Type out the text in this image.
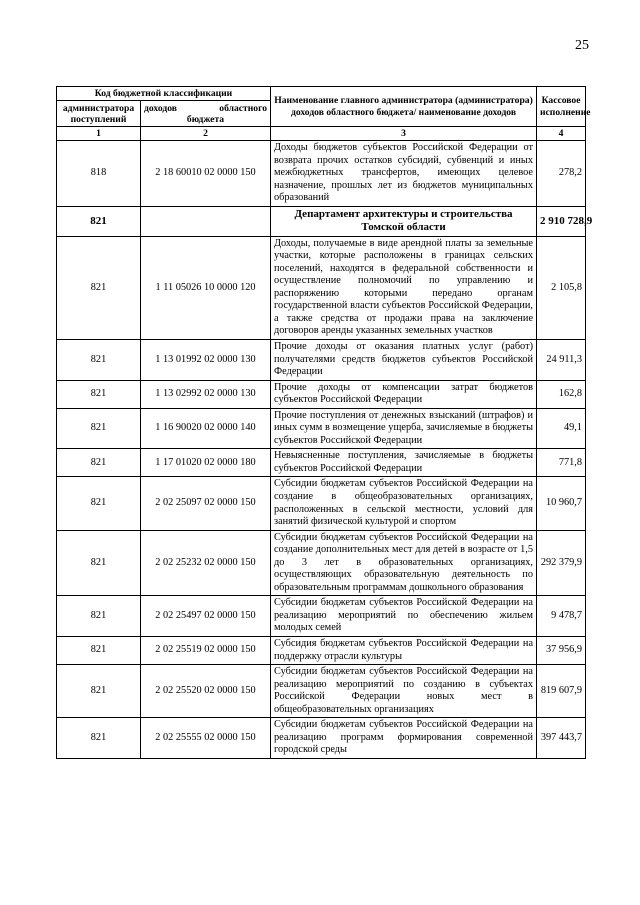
25
Код бюджетной классификации		Наименование главного администратора (администратора) доходов областного бюджета/ наименование доходов	Кассовое исполнение
администратора поступлений	доходов областного
бюджета		

1	2	3	4
818	2 18 60010 02 0000 150	Доходы бюджетов субъектов Российской Федерации от возврата прочих остатков субсидий, субвенций и иных межбюджетных трансфертов, имеющих целевое назначение, прошлых лет из бюджетов муниципальных образований	278,2
821		Департамент архитектуры и строительства Томской области	2 910 728,9
821	1 11 05026 10 0000 120	Доходы, получаемые в виде арендной платы за земельные участки, которые расположены в границах сельских поселений, находятся в федеральной собственности и осуществление полномочий по управлению и распоряжению которыми передано органам государственной власти субъектов Российской Федерации, а также средства от продажи права на заключение договоров аренды указанных земельных участков	2 105,8
821	1 13 01992 02 0000 130	Прочие доходы от оказания платных услуг (работ) получателями средств бюджетов субъектов Российской Федерации	24 911,3
821	1 13 02992 02 0000 130	Прочие доходы от компенсации затрат бюджетов субъектов Российской Федерации	162,8
821	1 16 90020 02 0000 140	Прочие поступления от денежных взысканий (штрафов) и иных сумм в возмещение ущерба, зачисляемые в бюджеты субъектов Российской Федерации	49,1
821	1 17 01020 02 0000 180	Невыясненные поступления, зачисляемые в бюджеты субъектов Российской Федерации	771,8
821	2 02 25097 02 0000 150	Субсидии бюджетам субъектов Российской Федерации на создание в общеобразовательных организациях, расположенных в сельской местности, условий для занятий физической культурой и спортом	10 960,7
821	2 02 25232 02 0000 150	Субсидии бюджетам субъектов Российской Федерации на создание дополнительных мест для детей в возрасте от 1,5 до 3 лет в образовательных организациях, осуществляющих образовательную деятельность по образовательным программам дошкольного образования	292 379,9
821	2 02 25497 02 0000 150	Субсидии бюджетам субъектов Российской Федерации на реализацию мероприятий по обеспечению жильем молодых семей	9 478,7
821	2 02 25519 02 0000 150	Субсидия бюджетам субъектов Российской Федерации на поддержку отрасли культуры	37 956,9
821	2 02 25520 02 0000 150	Субсидии бюджетам субъектов Российской Федерации на реализацию мероприятий по созданию в субъектах Российской Федерации новых мест в общеобразовательных организациях	819 607,9
821	2 02 25555 02 0000 150	Субсидии бюджетам субъектов Российской Федерации на реализацию программ формирования современной городской среды	397 443,7
